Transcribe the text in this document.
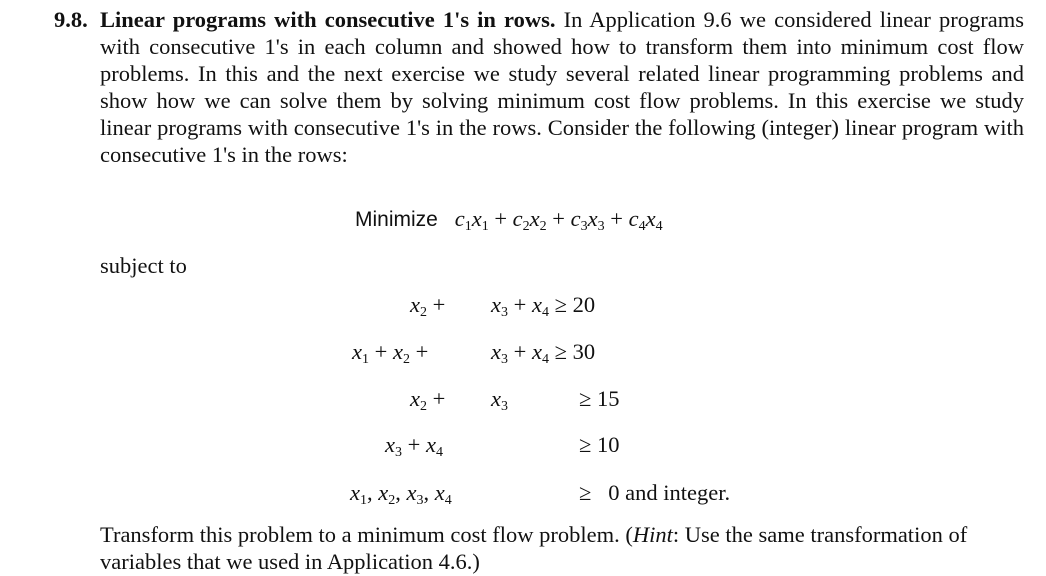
9.8. Linear programs with consecutive 1's in rows. In Application 9.6 we considered linear programs with consecutive 1's in each column and showed how to transform them into minimum cost flow problems. In this and the next exercise we study several related linear programming problems and show how we can solve them by solving minimum cost flow problems. In this exercise we study linear programs with consecutive 1's in the rows. Consider the following (integer) linear program with consecutive 1's in the rows:
Minimize $c_1x_1 + c_2x_2 + c_3x_3 + c_4x_4$
subject to
$x_2 + x_3 + x_4 \ge 20$
$x_1 + x_2$ +	$x_3 + x_4 \ge 30$
$x_2 + x_3$	≥ 15
$x_3 + x_4$	≥ 10
$x_1$, $x_2$, $x_3$, $x_4$	≥ 0 and integer.
Transform this problem to a minimum cost flow problem. (Hint: Use the same transformation of variables that we used in Application 4.6.)
